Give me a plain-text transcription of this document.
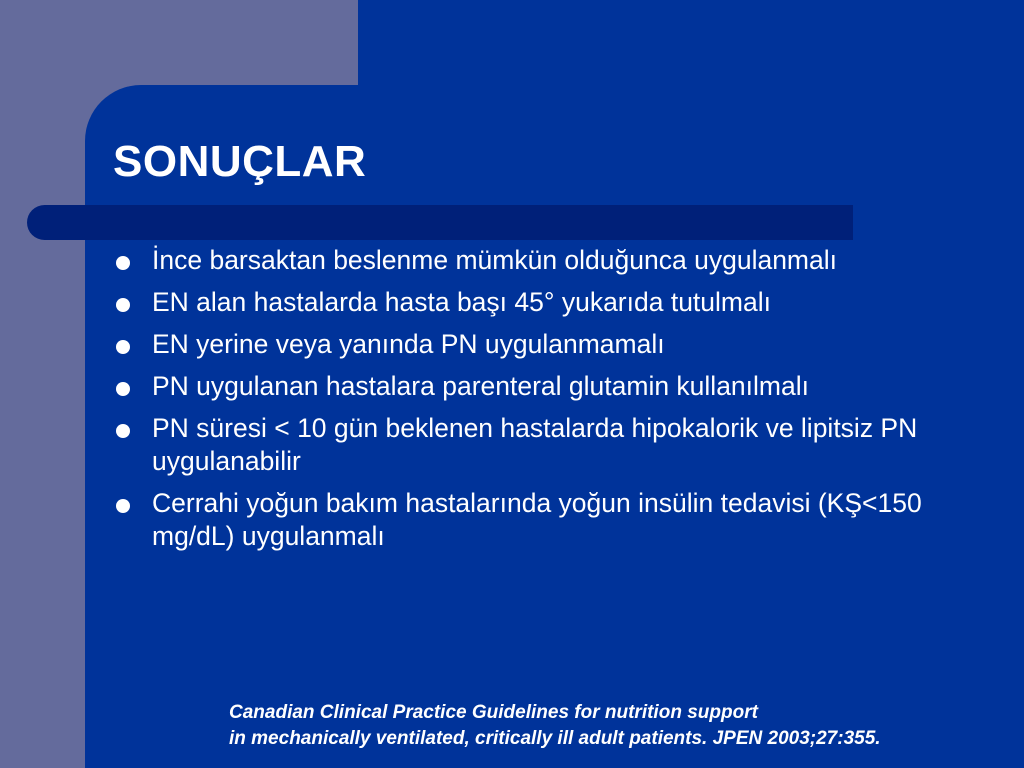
SONUÇLAR
İnce barsaktan beslenme mümkün olduğunca uygulanmalı
EN alan hastalarda hasta başı 45° yukarıda tutulmalı
EN yerine veya yanında PN uygulanmamalı
PN uygulanan hastalara parenteral glutamin kullanılmalı
PN süresi < 10 gün beklenen hastalarda hipokalorik ve lipitsiz PN uygulanabilir
Cerrahi yoğun bakım hastalarında yoğun insülin tedavisi (KŞ<150 mg/dL) uygulanmalı
Canadian Clinical Practice Guidelines for nutrition support
in mechanically ventilated, critically ill adult patients. JPEN 2003;27:355.
